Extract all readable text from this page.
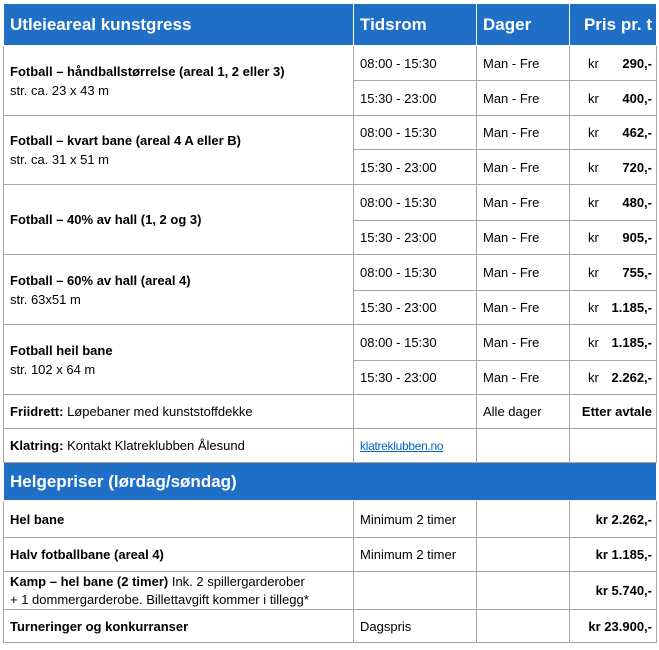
Utleieareal kunstgress	Tidsrom	Dager	Pris pr. t
Fotball – håndballstørrelse (areal 1, 2 eller 3)
str. ca. 23 x 43 m	08:00 - 15:30	Man - Fre	kr 290,-

	15:30 - 23:00	Man - Fre	kr 400,-

Fotball – kvart bane (areal 4 A eller B)
str. ca. 31 x 51 m	08:00 - 15:30	Man - Fre	kr 462,-

	15:30 - 23:00	Man - Fre	kr 720,-

Fotball – 40% av hall (1, 2 og 3)	08:00 - 15:30	Man - Fre	kr 480,-

	15:30 - 23:00	Man - Fre	kr 905,-

Fotball – 60% av hall (areal 4)
str. 63x51 m	08:00 - 15:30	Man - Fre	kr 755,-

	15:30 - 23:00	Man - Fre	kr 1.185,-

Fotball heil bane
str. 102 x 64 m	08:00 - 15:30	Man - Fre	kr 1.185,-

	15:30 - 23:00	Man - Fre	kr 2.262,-

Friidrett: Løpebaner med kunststoffdekke		Alle dager	Etter avtale
Klatring: Kontakt Klatreklubben Ålesund	klatreklubben.no		
Helgepriser (lørdag/søndag)			
Hel bane	Minimum 2 timer		kr 2.262,-
Halv fotballbane (areal 4)	Minimum 2 timer		kr 1.185,-
Kamp – hel bane (2 timer) Ink. 2 spillergarderober
+ 1 dommergarderobe. Billettavgift kommer i tillegg*			kr 5.740,-
Turneringer og konkurranser	Dagspris		kr 23.900,-
